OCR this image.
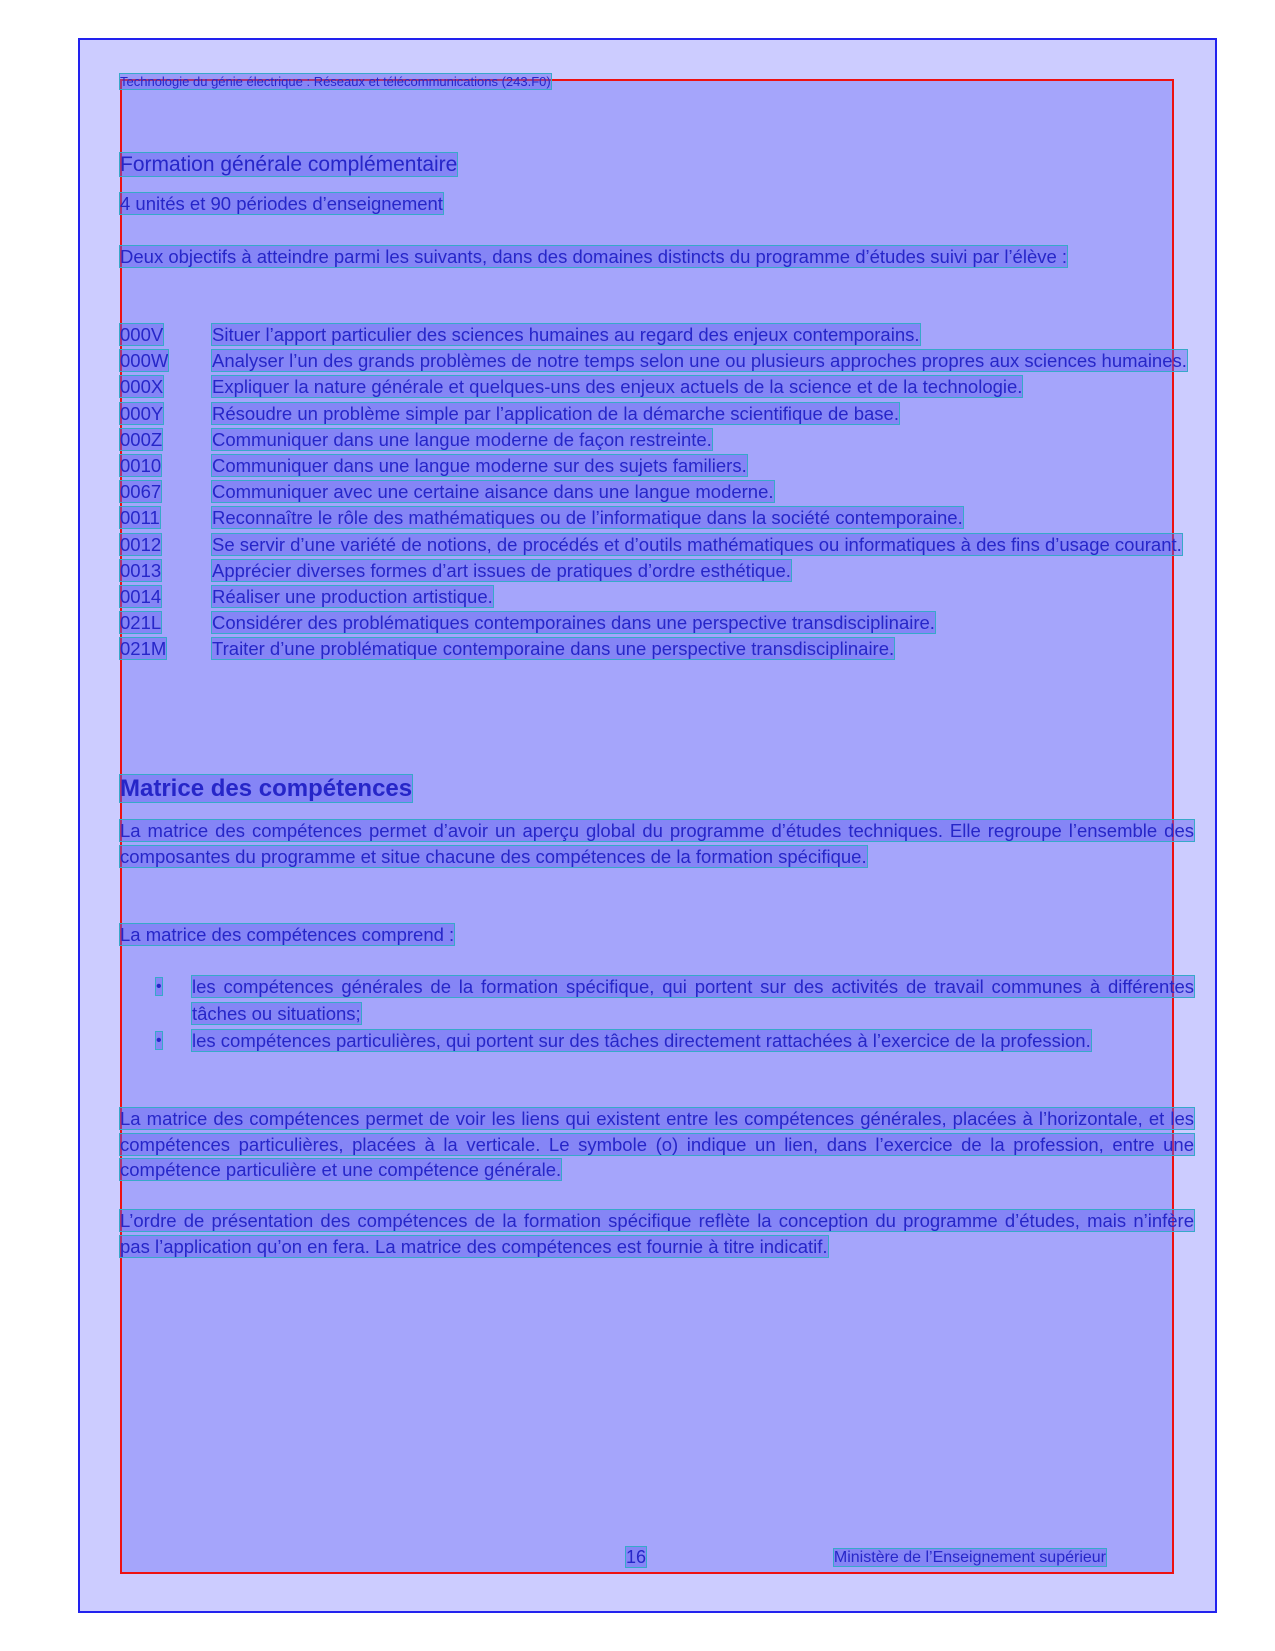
Technologie du génie électrique : Réseaux et télécommunications (243.F0)
Formation générale complémentaire
4 unités et 90 périodes d’enseignement
Deux objectifs à atteindre parmi les suivants, dans des domaines distincts du programme d’études suivi par l’élève :
000V	Situer l’apport particulier des sciences humaines au regard des enjeux contemporains.
000W	Analyser l’un des grands problèmes de notre temps selon une ou plusieurs approches propres aux sciences humaines.
000X	Expliquer la nature générale et quelques-uns des enjeux actuels de la science et de la technologie.
000Y	Résoudre un problème simple par l’application de la démarche scientifique de base.
000Z	Communiquer dans une langue moderne de façon restreinte.
0010	Communiquer dans une langue moderne sur des sujets familiers.
0067	Communiquer avec une certaine aisance dans une langue moderne.
0011	Reconnaître le rôle des mathématiques ou de l’informatique dans la société contemporaine.
0012	Se servir d’une variété de notions, de procédés et d’outils mathématiques ou informatiques à des fins d’usage courant.
0013	Apprécier diverses formes d’art issues de pratiques d’ordre esthétique.
0014	Réaliser une production artistique.
021L	Considérer des problématiques contemporaines dans une perspective transdisciplinaire.
021M	Traiter d’une problématique contemporaine dans une perspective transdisciplinaire.
Matrice des compétences
La matrice des compétences permet d’avoir un aperçu global du programme d’études techniques. Elle regroupe l’ensemble des composantes du programme et situe chacune des compétences de la formation spécifique.
La matrice des compétences comprend :
•	les compétences générales de la formation spécifique, qui portent sur des activités de travail communes à différentes tâches ou situations;
•	les compétences particulières, qui portent sur des tâches directement rattachées à l’exercice de la profession.
La matrice des compétences permet de voir les liens qui existent entre les compétences générales, placées à l’horizontale, et les compétences particulières, placées à la verticale. Le symbole (o) indique un lien, dans l’exercice de la profession, entre une compétence particulière et une compétence générale.
L’ordre de présentation des compétences de la formation spécifique reflète la conception du programme d’études, mais n’infère pas l’application qu’on en fera. La matrice des compétences est fournie à titre indicatif.
16	Ministère de l’Enseignement supérieur
